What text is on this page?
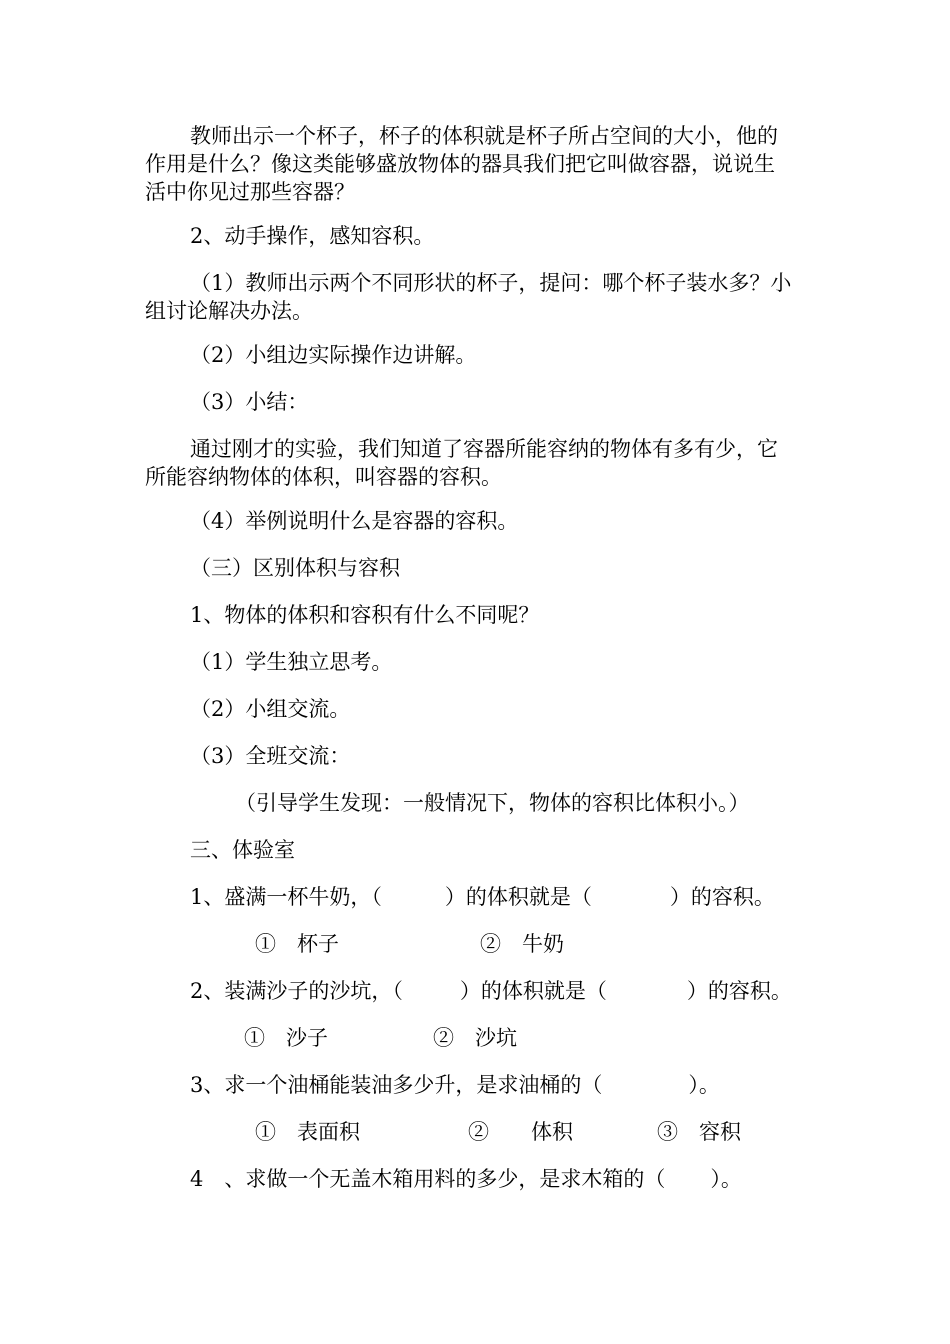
教师出示一个杯子，杯子的体积就是杯子所占空间的大小，他的
作用是什么？像这类能够盛放物体的器具我们把它叫做容器，说说生
活中你见过那些容器？
2、动手操作，感知容积。
（1）教师出示两个不同形状的杯子，提问：哪个杯子装水多？小
组讨论解决办法。
（2）小组边实际操作边讲解。
（3）小结：
通过刚才的实验，我们知道了容器所能容纳的物体有多有少，它
所能容纳物体的体积，叫容器的容积。
（4）举例说明什么是容器的容积。
（三）区别体积与容积
1、物体的体积和容积有什么不同呢？
（1）学生独立思考。
（2）小组交流。
（3）全班交流：
（引导学生发现：一般情况下，物体的容积比体积小。）
三、体验室
1、盛满一杯牛奶，（	）的体积就是（	）的容积。
①　杯子	②　牛奶
2、装满沙子的沙坑，（	）的体积就是（	）的容积。
①　沙子	②　沙坑
3、求一个油桶能装油多少升，是求油桶的（	）。
①　表面积	②　　体积	③　容积
4　、求做一个无盖木箱用料的多少，是求木箱的（ ）。
